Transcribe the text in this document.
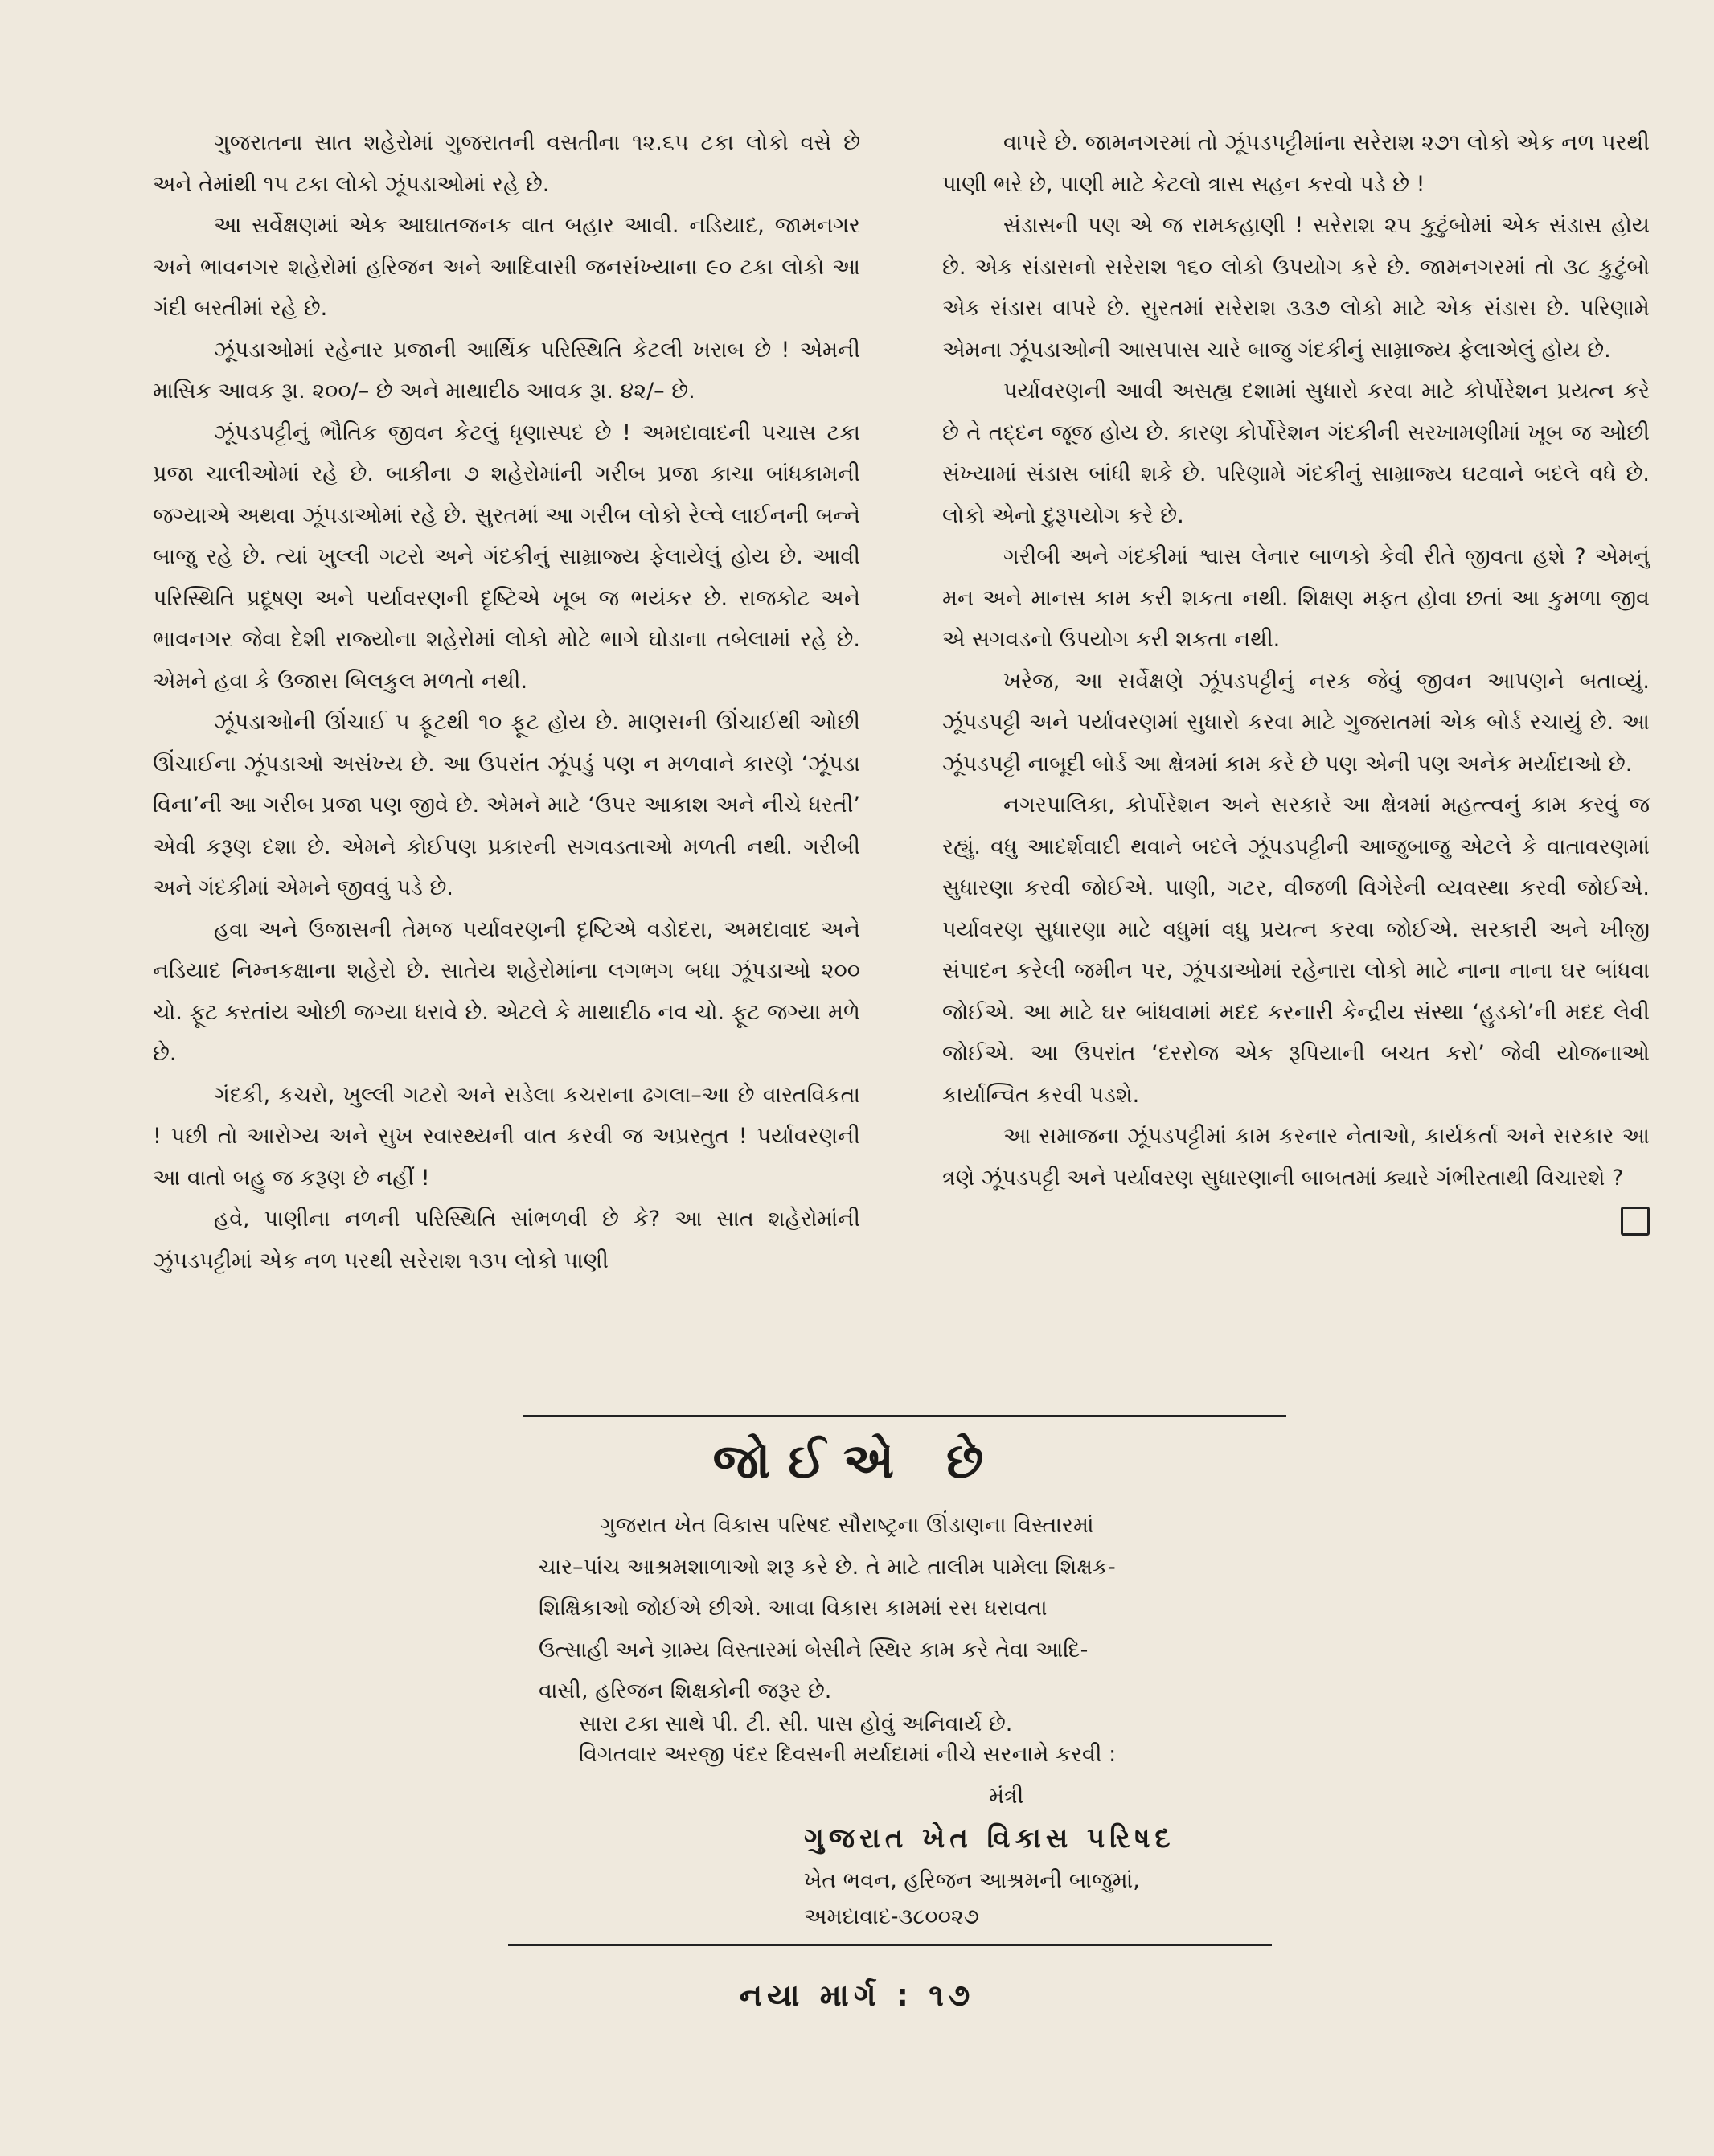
ગુજરાતના સાત શહેરોમાં ગુજરાતની વસતીના ૧૨.૬૫ ટકા લોકો વસે છે અને તેમાંથી ૧૫ ટકા લોકો ઝૂંપડાઓમાં રહે છે.

આ સર્વેક્ષણમાં એક આઘાતજનક વાત બહાર આવી. નડિયાદ, જામનગર અને ભાવનગર શહેરોમાં હરિજન અને આદિવાસી જનસંખ્યાના ૯૦ ટકા લોકો આ ગંદી બસ્તીમાં રહે છે.

ઝૂંપડાઓમાં રહેનાર પ્રજાની આર્થિક પરિસ્થિતિ કેટલી ખરાબ છે ! એમની માસિક આવક રૂા. ૨૦૦/– છે અને માથાદીઠ આવક રૂા. ૪૨/– છે.

ઝૂંપડપટ્ટીનું ભૌતિક જીવન કેટલું ધૃણાસ્પદ છે ! અમદાવાદની પચાસ ટકા પ્રજા ચાલીઓમાં રહે છે. બાકીના ૭ શહેરોમાંની ગરીબ પ્રજા કાચા બાંધકામની જગ્યાએ અથવા ઝૂંપડાઓમાં રહે છે. સુરતમાં આ ગરીબ લોકો રેલ્વે લાઈનની બન્ને બાજુ રહે છે. ત્યાં ખુલ્લી ગટરો અને ગંદકીનું સામ્રાજ્ય ફેલાયેલું હોય છે. આવી પરિસ્થિતિ પ્રદૂષણ અને પર્યાવરણની દૃષ્ટિએ ખૂબ જ ભયંકર છે. રાજકોટ અને ભાવનગર જેવા દેશી રાજ્યોના શહેરોમાં લોકો મોટે ભાગે ઘોડાના તબેલામાં રહે છે. એમને હવા કે ઉજાસ બિલકુલ મળતો નથી.

ઝૂંપડાઓની ઊંચાઈ ૫ ફૂટથી ૧૦ ફૂટ હોય છે. માણસની ઊંચાઈથી ઓછી ઊંચાઈના ઝૂંપડાઓ અસંખ્ય છે. આ ઉપરાંત ઝૂંપડું પણ ન મળવાને કારણે ‘ઝૂંપડા વિના’ની આ ગરીબ પ્રજા પણ જીવે છે. એમને માટે ‘ઉપર આકાશ અને નીચે ધરતી’ એવી કરૂણ દશા છે. એમને કોઈપણ પ્રકારની સગવડતાઓ મળતી નથી. ગરીબી અને ગંદકીમાં એમને જીવવું પડે છે.

હવા અને ઉજાસની તેમજ પર્યાવરણની દૃષ્ટિએ વડોદરા, અમદાવાદ અને નડિયાદ નિમ્નકક્ષાના શહેરો છે. સાતેય શહેરોમાંના લગભગ બધા ઝૂંપડાઓ ૨૦૦ ચો. ફૂટ કરતાંય ઓછી જગ્યા ધરાવે છે. એટલે કે માથાદીઠ નવ ચો. ફૂટ જગ્યા મળે છે.

ગંદકી, કચરો, ખુલ્લી ગટરો અને સડેલા કચરાના ઢગલા–આ છે વાસ્તવિકતા ! પછી તો આરોગ્ય અને સુખ સ્વાસ્થ્યની વાત કરવી જ અપ્રસ્તુત ! પર્યાવરણની આ વાતો બહુ જ કરૂણ છે નહીં !

હવે, પાણીના નળની પરિસ્થિતિ સાંભળવી છે કે? આ સાત શહેરોમાંની ઝુંપડપટ્ટીમાં એક નળ પરથી સરેરાશ ૧૩૫ લોકો પાણી

વાપરે છે. જામનગરમાં તો ઝૂંપડપટ્ટીમાંના સરેરાશ ૨૭૧ લોકો એક નળ પરથી પાણી ભરે છે, પાણી માટે કેટલો ત્રાસ સહન કરવો પડે છે !

સંડાસની પણ એ જ રામકહાણી ! સરેરાશ ૨૫ કુટુંબોમાં એક સંડાસ હોય છે. એક સંડાસનો સરેરાશ ૧૬૦ લોકો ઉપયોગ કરે છે. જામનગરમાં તો ૩૮ કુટુંબો એક સંડાસ વાપરે છે. સુરતમાં સરેરાશ ૩૩૭ લોકો માટે એક સંડાસ છે. પરિણામે એમના ઝૂંપડાઓની આસપાસ ચારે બાજુ ગંદકીનું સામ્રાજ્ય ફેલાએલું હોય છે.

પર્યાવરણની આવી અસહ્ય દશામાં સુધારો કરવા માટે કોર્પોરેશન પ્રયત્ન કરે છે તે તદ્દન જૂજ હોય છે. કારણ કોર્પોરેશન ગંદકીની સરખામણીમાં ખૂબ જ ઓછી સંખ્યામાં સંડાસ બાંધી શકે છે. પરિણામે ગંદકીનું સામ્રાજ્ય ઘટવાને બદલે વધે છે. લોકો એનો દુરૂપયોગ કરે છે.

ગરીબી અને ગંદકીમાં શ્વાસ લેનાર બાળકો કેવી રીતે જીવતા હશે ? એમનું મન અને માનસ કામ કરી શકતા નથી. શિક્ષણ મફત હોવા છતાં આ કુમળા જીવ એ સગવડનો ઉપયોગ કરી શકતા નથી.

ખરેજ, આ સર્વેક્ષણે ઝૂંપડપટ્ટીનું નરક જેવું જીવન આપણને બતાવ્યું. ઝૂંપડપટ્ટી અને પર્યાવરણમાં સુધારો કરવા માટે ગુજરાતમાં એક બોર્ડ રચાયું છે. આ ઝૂંપડપટ્ટી નાબૂદી બોર્ડ આ ક્ષેત્રમાં કામ કરે છે પણ એની પણ અનેક મર્યાદાઓ છે.

નગરપાલિકા, કોર્પોરેશન અને સરકારે આ ક્ષેત્રમાં મહત્ત્વનું કામ કરવું જ રહ્યું. વધુ આદર્શવાદી થવાને બદલે ઝૂંપડપટ્ટીની આજુબાજુ એટલે કે વાતાવરણમાં સુધારણા કરવી જોઈએ. પાણી, ગટર, વીજળી વિગેરેની વ્યવસ્થા કરવી જોઈએ. પર્યાવરણ સુધારણા માટે વધુમાં વધુ પ્રયત્ન કરવા જોઈએ. સરકારી અને ખીજી સંપાદન કરેલી જમીન પર, ઝૂંપડાઓમાં રહેનારા લોકો માટે નાના નાના ઘર બાંધવા જોઈએ. આ માટે ઘર બાંધવામાં મદદ કરનારી કેન્દ્રીય સંસ્થા ‘હુડકો’ની મદદ લેવી જોઈએ. આ ઉપરાંત ‘દરરોજ એક રૂપિયાની બચત કરો’ જેવી યોજનાઓ કાર્યાન્વિત કરવી પડશે.

આ સમાજના ઝૂંપડપટ્ટીમાં કામ કરનાર નેતાઓ, કાર્યકર્તા અને સરકાર આ ત્રણે ઝૂંપડપટ્ટી અને પર્યાવરણ સુધારણાની બાબતમાં ક્યારે ગંભીરતાથી વિચારશે ?

જોઈએ છે

ગુજરાત ખેત વિકાસ પરિષદ સૌરાષ્ટ્રના ઊંડાણના વિસ્તારમાં

ચાર–પાંચ આશ્રમશાળાઓ શરૂ કરે છે. તે માટે તાલીમ પામેલા શિક્ષક-

શિક્ષિકાઓ જોઈએ છીએ. આવા વિકાસ કામમાં રસ ધરાવતા

ઉત્સાહી અને ગ્રામ્ય વિસ્તારમાં બેસીને સ્થિર કામ કરે તેવા આદિ-

વાસી, હરિજન શિક્ષકોની જરૂર છે.

સારા ટકા સાથે પી. ટી. સી. પાસ હોવું અનિવાર્ય છે.

વિગતવાર અરજી પંદર દિવસની મર્યાદામાં નીચે સરનામે કરવી :

મંત્રી

ગુજરાત ખેત વિકાસ પરિષદ

ખેત ભવન, હરિજન આશ્રમની બાજુમાં,

અમદાવાદ-૩૮૦૦૨૭

નયા માર્ગ : ૧૭
